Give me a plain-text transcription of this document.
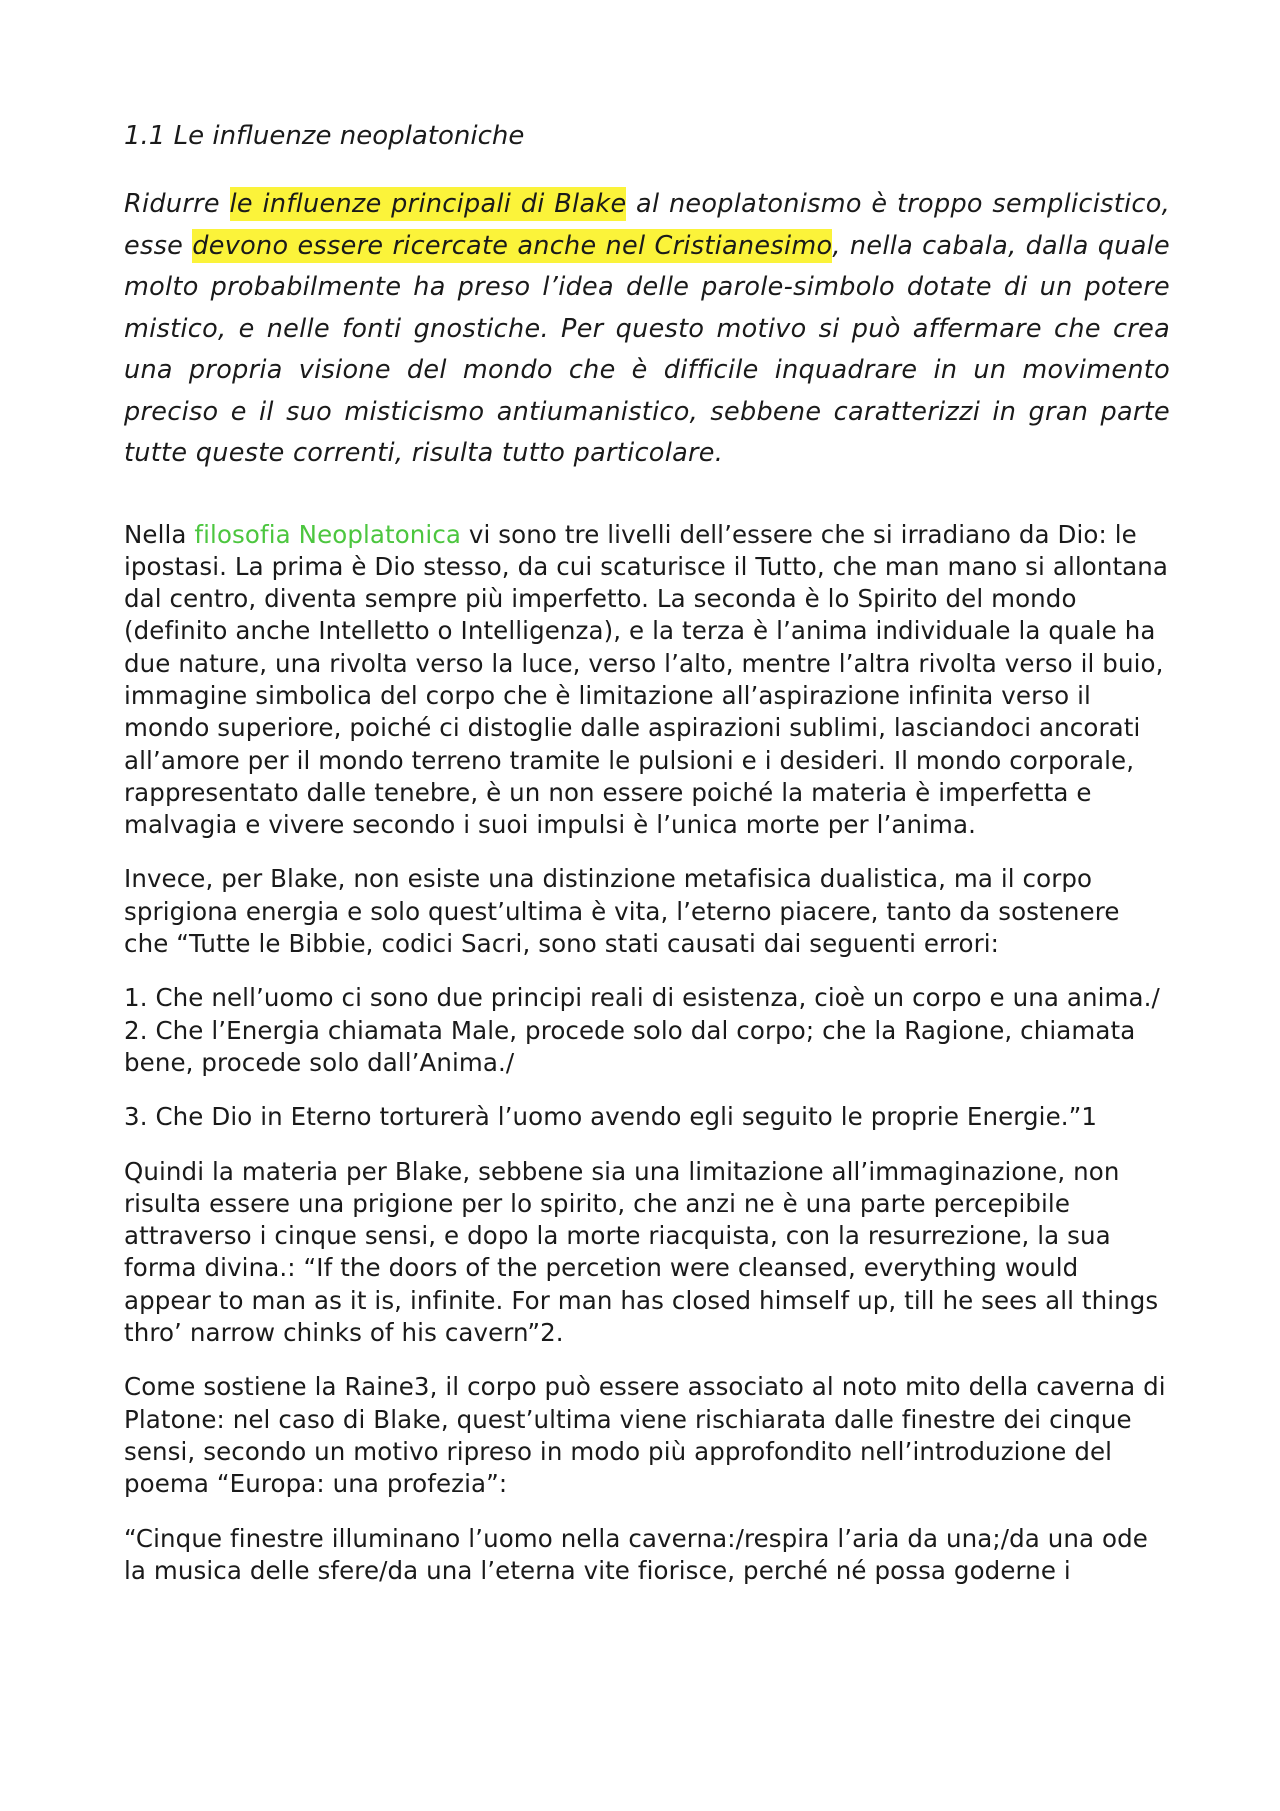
1.1 Le influenze neoplatoniche

Ridurre le influenze principali di Blake al neoplatonismo è troppo semplicistico, esse devono essere ricercate anche nel Cristianesimo, nella cabala, dalla quale molto probabilmente ha preso l’idea delle parole-simbolo dotate di un potere mistico, e nelle fonti gnostiche. Per questo motivo si può affermare che crea una propria visione del mondo che è difficile inquadrare in un movimento preciso e il suo misticismo antiumanistico, sebbene caratterizzi in gran parte tutte queste correnti, risulta tutto particolare.

Nella filosofia Neoplatonica vi sono tre livelli dell’essere che si irradiano da Dio: le ipostasi. La prima è Dio stesso, da cui scaturisce il Tutto, che man mano si allontana dal centro, diventa sempre più imperfetto. La seconda è lo Spirito del mondo (definito anche Intelletto o Intelligenza), e la terza è l’anima individuale la quale ha due nature, una rivolta verso la luce, verso l’alto, mentre l’altra rivolta verso il buio, immagine simbolica del corpo che è limitazione all’aspirazione infinita verso il mondo superiore, poiché ci distoglie dalle aspirazioni sublimi, lasciandoci ancorati all’amore per il mondo terreno tramite le pulsioni e i desideri. Il mondo corporale, rappresentato dalle tenebre, è un non essere poiché la materia è imperfetta e malvagia e vivere secondo i suoi impulsi è l’unica morte per l’anima.

Invece, per Blake, non esiste una distinzione metafisica dualistica, ma il corpo sprigiona energia e solo quest’ultima è vita, l’eterno piacere, tanto da sostenere che “Tutte le Bibbie, codici Sacri, sono stati causati dai seguenti errori:

1. Che nell’uomo ci sono due principi reali di esistenza, cioè un corpo e una anima./ 2. Che l’Energia chiamata Male, procede solo dal corpo; che la Ragione, chiamata bene, procede solo dall’Anima./

3. Che Dio in Eterno torturerà l’uomo avendo egli seguito le proprie Energie.”1

Quindi la materia per Blake, sebbene sia una limitazione all’immaginazione, non risulta essere una prigione per lo spirito, che anzi ne è una parte percepibile attraverso i cinque sensi, e dopo la morte riacquista, con la resurrezione, la sua forma divina.: “If the doors of the percetion were cleansed, everything would appear to man as it is, infinite. For man has closed himself up, till he sees all things thro’ narrow chinks of his cavern”2.

Come sostiene la Raine3, il corpo può essere associato al noto mito della caverna di Platone: nel caso di Blake, quest’ultima viene rischiarata dalle finestre dei cinque sensi, secondo un motivo ripreso in modo più approfondito nell’introduzione del poema “Europa: una profezia”:

“Cinque finestre illuminano l’uomo nella caverna:/respira l’aria da una;/da una ode la musica delle sfere/da una l’eterna vite fiorisce, perché né possa goderne i
